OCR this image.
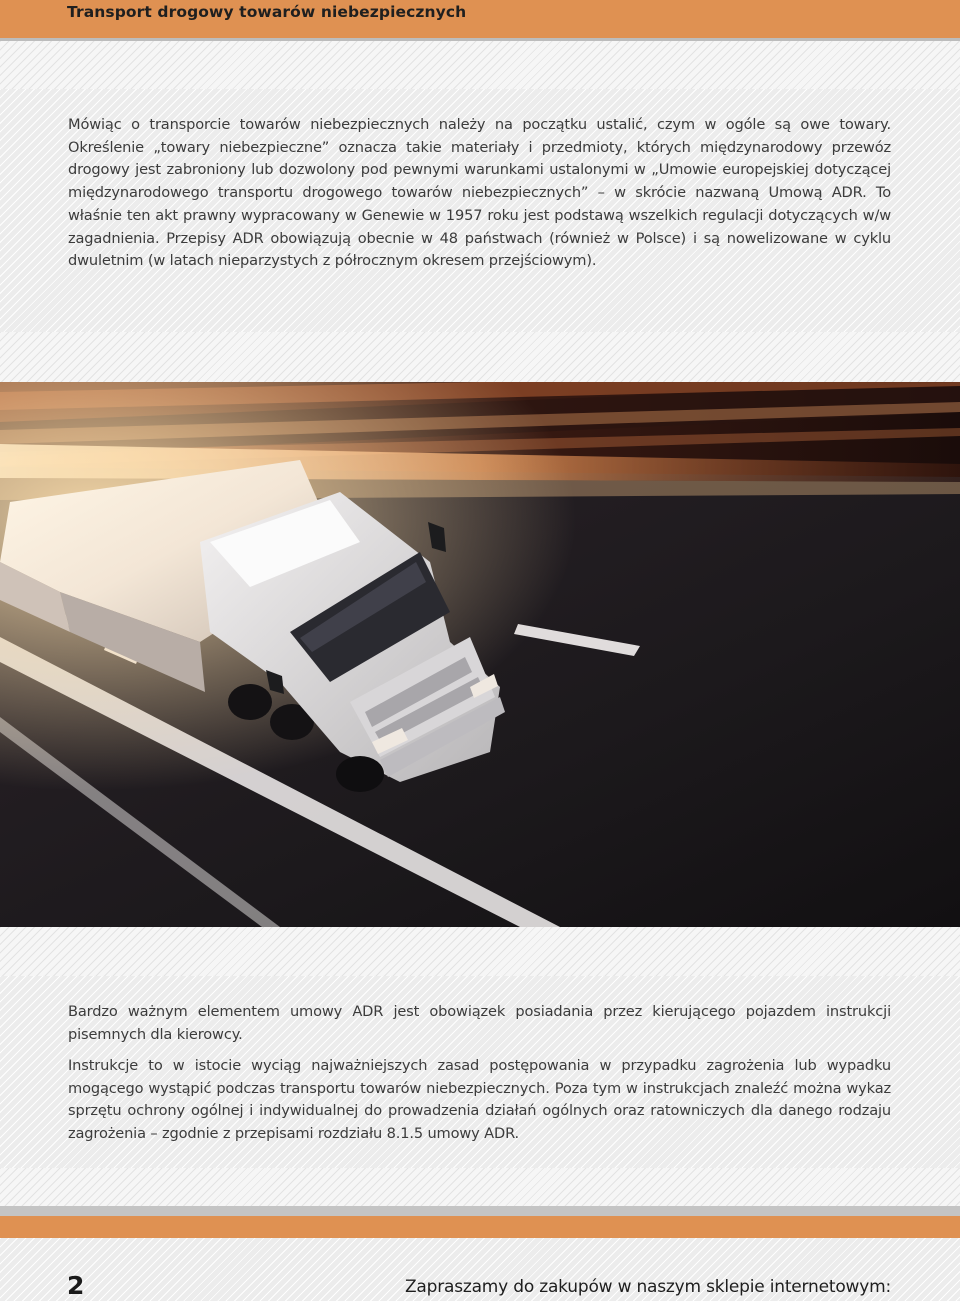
Transport drogowy towarów niebezpiecznych

Mówiąc o transporcie towarów niebezpiecznych należy na początku ustalić, czym w ogóle są owe towary. Określenie „towary niebezpieczne” oznacza takie materiały i przedmioty, których międzynarodowy przewóz drogowy jest zabroniony lub dozwolony pod pewnymi warunkami ustalonymi w „Umowie europejskiej dotyczącej międzynarodowego transportu drogowego towarów niebezpiecznych” – w skrócie nazwaną Umową ADR. To właśnie ten akt prawny wypracowany w Genewie w 1957 roku jest podstawą wszelkich regulacji dotyczących w/w zagadnienia. Przepisy ADR obowiązują obecnie w 48 państwach (również w Polsce) i są nowelizowane w cyklu dwuletnim (w latach nieparzystych z półrocznym okresem przejściowym).

Bardzo ważnym elementem umowy ADR jest obowiązek posiadania przez kierującego pojazdem instrukcji pisemnych dla kierowcy.

Instrukcje to w istocie wyciąg najważniejszych zasad postępowania w przypadku zagrożenia lub wypadku mogącego wystąpić podczas transportu towarów niebezpiecznych. Poza tym w instrukcjach znaleźć można wykaz sprzętu ochrony ogólnej i indywidualnej do prowadzenia działań ogólnych oraz ratowniczych dla danego rodzaju zagrożenia – zgodnie z przepisami rozdziału 8.1.5 umowy ADR.

2	Zapraszamy do zakupów w naszym sklepie internetowym:
